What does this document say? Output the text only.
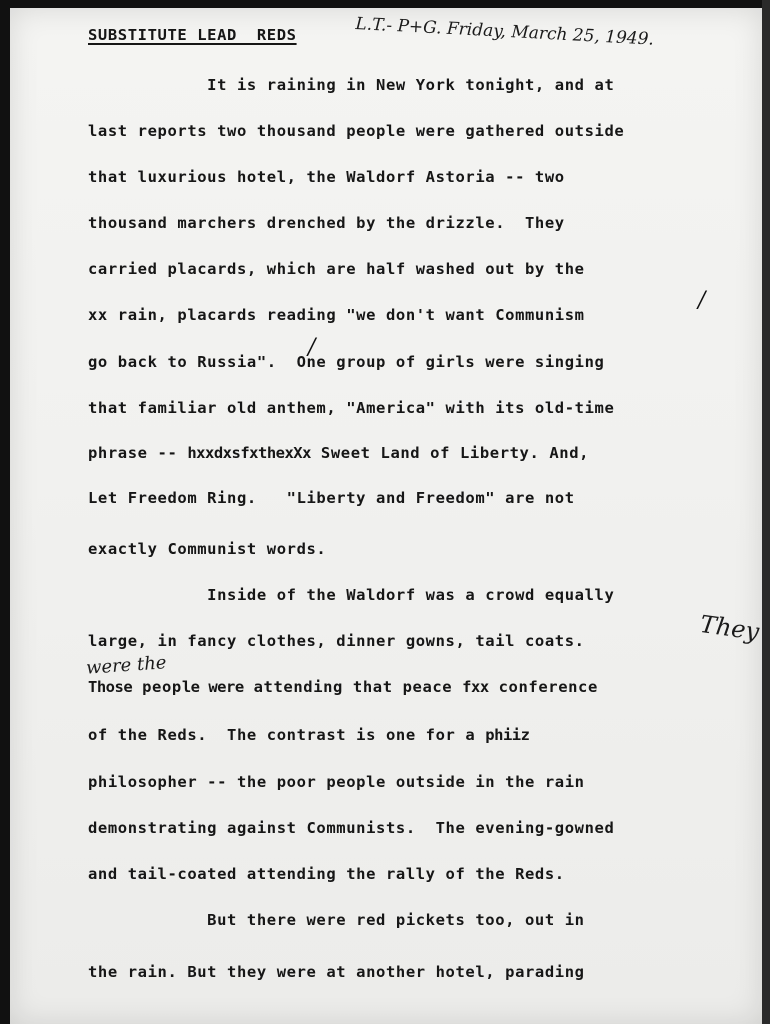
SUBSTITUTE LEAD  REDS	L.T.- P+G. Friday, March 25, 1949.
It is raining in New York tonight, and at
last reports two thousand people were gathered outside
that luxurious hotel, the Waldorf Astoria -- two
thousand marchers drenched by the drizzle.  They
carried placards, which are half washed out by the
xx rain, placards reading "we don't want Communism
/
go back to Russia".  One group of girls were singing
/
that familiar old anthem, "America" with its old-time
phrase -- hxxdxsfxthexXx Sweet Land of Liberty. And,
Let Freedom Ring.   "Liberty and Freedom" are not
exactly Communist words.
Inside of the Waldorf was a crowd equally
large, in fancy clothes, dinner gowns, tail coats.	They
were the
Those people were attending that peace fxx conference
of the Reds.  The contrast is one for a phiiz
philosopher -- the poor people outside in the rain
demonstrating against Communists.  The evening-gowned
and tail-coated attending the rally of the Reds.
But there were red pickets too, out in
the rain. But they were at another hotel, parading
